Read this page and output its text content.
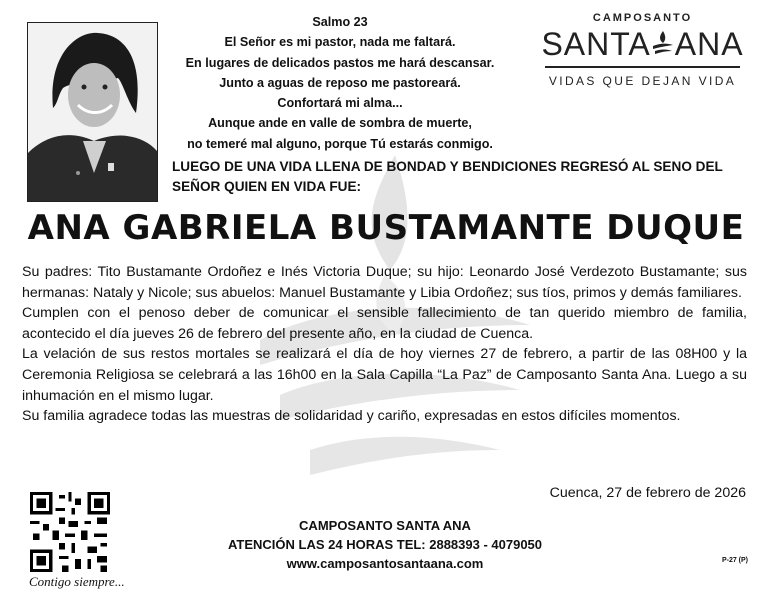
Salmo 23
El Señor es mi pastor, nada me faltará.
En lugares de delicados pastos me hará descansar.
Junto a aguas de reposo me pastoreará.
Confortará mi alma...
Aunque ande en valle de sombra de muerte,
no temeré mal alguno, porque Tú estarás conmigo.
CAMPOSANTO
SANTA ANA
VIDAS QUE DEJAN VIDA
LUEGO DE UNA VIDA LLENA DE BONDAD Y BENDICIONES REGRESÓ AL SENO DEL SEÑOR QUIEN EN VIDA FUE:
ANA GABRIELA BUSTAMANTE DUQUE

Su padres: Tito Bustamante Ordoñez e Inés Victoria Duque; su hijo: Leonardo José Verdezoto Bustamante; sus hermanas: Nataly y Nicole; sus abuelos: Manuel Bustamante y Libia Ordoñez; sus tíos, primos y demás familiares.

Cumplen con el penoso deber de comunicar el sensible fallecimiento de tan querido miembro de familia, acontecido el día jueves 26 de febrero del presente año, en la ciudad de Cuenca.

La velación de sus restos mortales se realizará el día de hoy viernes 27 de febrero, a partir de las 08H00 y la Ceremonia Religiosa se celebrará a las 16h00 en la Sala Capilla “La Paz” de Camposanto Santa Ana. Luego a su inhumación en el mismo lugar.

Su familia agradece todas las muestras de solidaridad y cariño, expresadas en estos difíciles momentos.

Cuenca, 27 de febrero de 2026
Contigo siempre...
CAMPOSANTO SANTA ANA
ATENCIÓN LAS 24 HORAS TEL: 2888393 - 4079050
www.camposantosantaana.com	P-27 (P)
